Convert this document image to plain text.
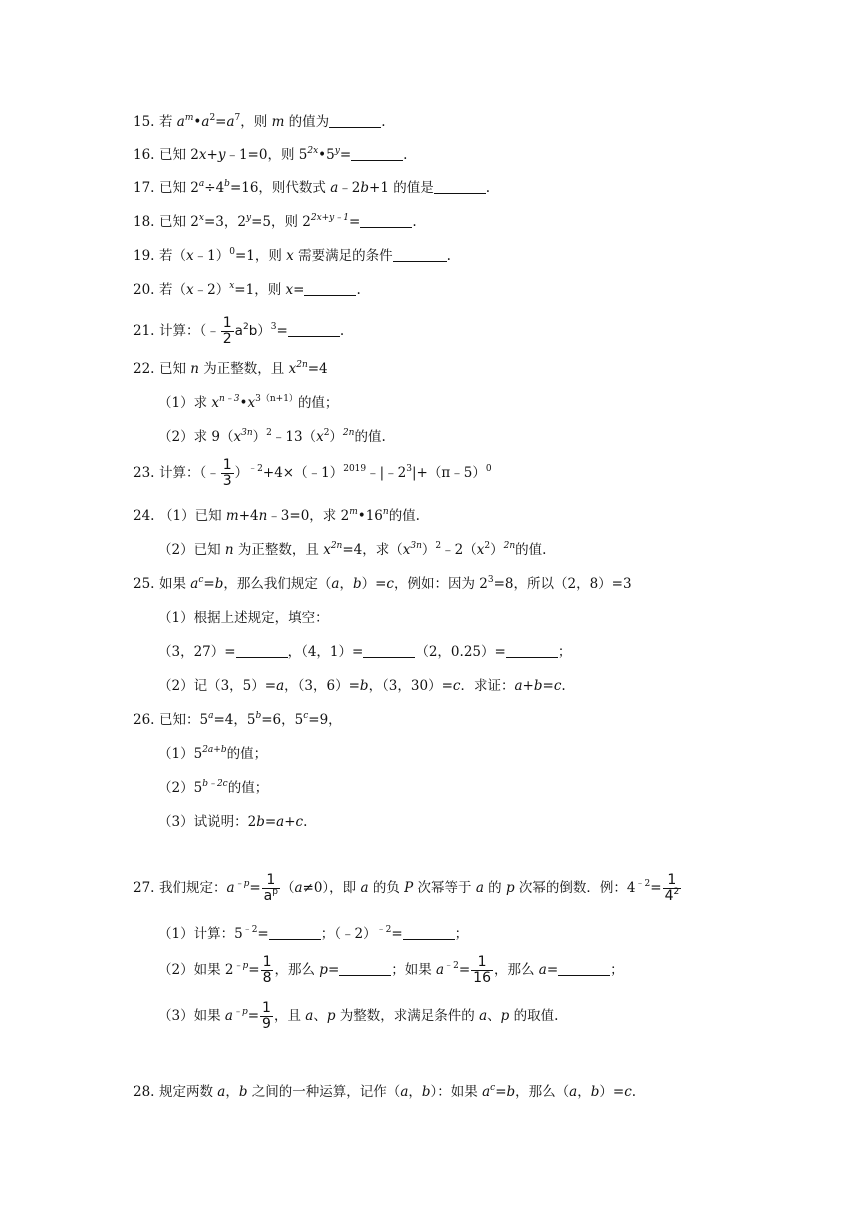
15. 若 $a^m•a^2=a^7$，则 m 的值为	.
16. 已知 2x+y﹣1=0，则 $5^{2x}•5^y=$	.
17. 已知 $2^a\div 4^b=16$，则代数式 a﹣2b+1 的值是	.
18. 已知 $2^x=3$，$2^y=5$，则 $2^{2x+y﹣1}=$	.
19. 若（x﹣1）$^0$=1，则 x 需要满足的条件	.
20. 若（x﹣2）$^x$=1，则 x=	.
21. 计算：（﹣ $\frac{1}{2} a^2b)^3=$	.
22. 已知 n 为正整数，且 $x^{2n}=4$
（1）求 $x^{n﹣3}•x^{3(n+1)}$的值；
（2）求 $9(x^{3n})^2﹣13(x^2)^{2n}$的值.
23. 计算：（﹣ $\frac{1}{3}$ ）$^{﹣2}+4\times(﹣1)^{2019}﹣|﹣2^3|+(\pi﹣5)^0$
24. （1）已知 m+4n﹣3=0，求 2$^m$•16$^n$的值.
（2）已知 n 为正整数，且 $x^{2n}=4$，求$(x^{3n})^2﹣2(x^2)^{2n}$的值.
25. 如果 $a^c=b$，那么我们规定（a，b）=c，例如：因为 $2^3=8$，所以（2，8）=3
（1）根据上述规定，填空：
（3，27）=	，（4，1）=	（2，0.25）=	；
（2）记（3，5）=a，（3，6）=b，（3，30）=c．求证：a+b=c.
26. 已知：$5^a=4$，$5^b=6$，$5^c=9$，
$(1)5^{2a+b}$的值；
$(2)5^{b﹣2c}$的值；
（3）试说明：2b=a+c.
27. 我们规定：$a^{﹣p}= \frac{1}{a^p} (a\ne 0)$，即 a 的负 P 次幂等于 a 的 p 次幂的倒数．例：$4^{﹣2}= \frac{1}{4^2}$
（1）计算：$5^{﹣2}=$	；（﹣2）$^{﹣2}$=	；
（2）如果 $2^{﹣p}= \frac{1}{8}$ ，那么 p=	；如果 $a^{﹣2}= \frac{1}{16}$ ，那么 a=	；
（3）如果 $a^{﹣p}= \frac{1}{9}$ ，且 a、p 为整数，求满足条件的 a、p 的取值.
28. 规定两数 a，b 之间的一种运算，记作（a，b）：如果 $a^c=b$，那么（a，b）=c.
